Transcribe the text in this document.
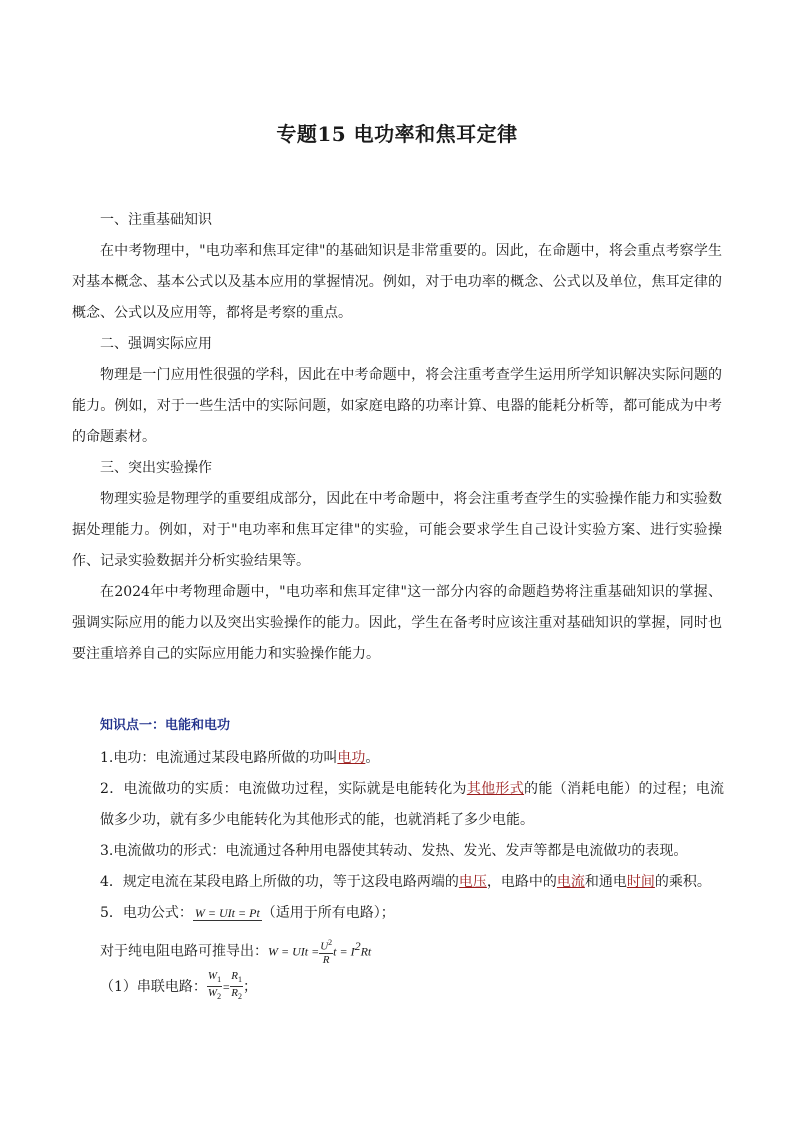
专题15 电功率和焦耳定律

一、注重基础知识

在中考物理中，"电功率和焦耳定律"的基础知识是非常重要的。因此，在命题中，将会重点考察学生对基本概念、基本公式以及基本应用的掌握情况。例如，对于电功率的概念、公式以及单位，焦耳定律的概念、公式以及应用等，都将是考察的重点。

二、强调实际应用

物理是一门应用性很强的学科，因此在中考命题中，将会注重考查学生运用所学知识解决实际问题的能力。例如，对于一些生活中的实际问题，如家庭电路的功率计算、电器的能耗分析等，都可能成为中考的命题素材。

三、突出实验操作

物理实验是物理学的重要组成部分，因此在中考命题中，将会注重考查学生的实验操作能力和实验数据处理能力。例如，对于"电功率和焦耳定律"的实验，可能会要求学生自己设计实验方案、进行实验操作、记录实验数据并分析实验结果等。

在2024年中考物理命题中，"电功率和焦耳定律"这一部分内容的命题趋势将注重基础知识的掌握、强调实际应用的能力以及突出实验操作的能力。因此，学生在备考时应该注重对基础知识的掌握，同时也要注重培养自己的实际应用能力和实验操作能力。

知识点一：电能和电功

1.电功：电流通过某段电路所做的功叫电功。

2．电流做功的实质：电流做功过程，实际就是电能转化为其他形式的能（消耗电能）的过程；电流做多少功，就有多少电能转化为其他形式的能，也就消耗了多少电能。

3.电流做功的形式：电流通过各种用电器使其转动、发热、发光、发声等都是电流做功的表现。

4．规定电流在某段电路上所做的功，等于这段电路两端的电压，电路中的电流和通电时间的乘积。

5．电功公式： W = UIt = Pt （适用于所有电路）；

对于纯电阻电路可推导出：W = UIt = $\frac{U^2}{R}$ $t = I^2Rt$

（1）串联电路： $\frac{W_1}{W_2} = \frac{R_1}{R_2}$ ；
